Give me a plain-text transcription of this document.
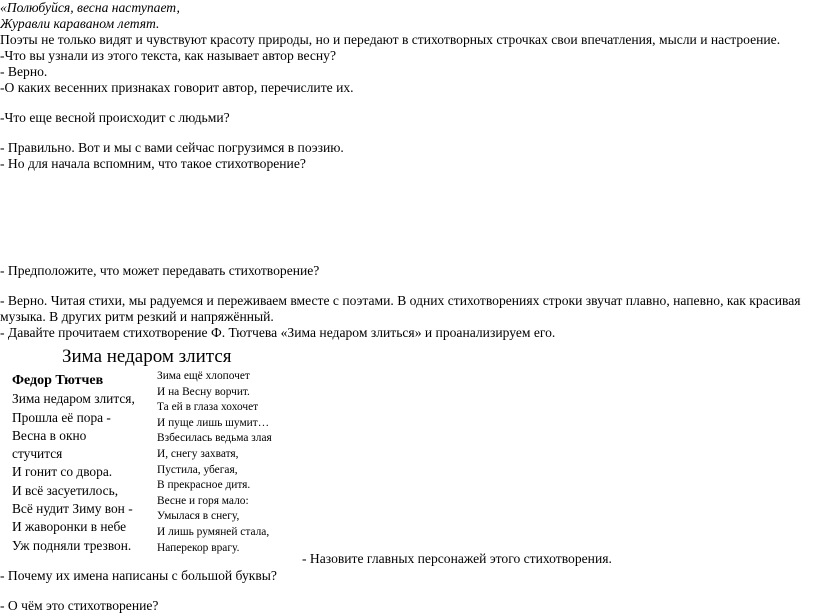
«Полюбуйся, весна наступает,
Журавли караваном летят.
Поэты не только видят и чувствуют красоту природы, но и передают в стихотворных строчках свои впечатления, мысли и настроение.
-Что вы узнали из этого текста, как называет автор весну?
- Верно.
-О каких весенних признаках говорит автор, перечислите их.
-Что еще весной происходит с людьми?
- Правильно. Вот и мы с вами сейчас погрузимся в поэзию.
- Но для начала вспомним, что такое стихотворение?
- Предположите, что может передавать стихотворение?
- Верно. Читая стихи, мы радуемся и переживаем вместе с поэтами. В одних стихотворениях строки звучат плавно, напевно, как красивая музыка. В других ритм резкий и напряжённый.
- Давайте прочитаем стихотворение Ф. Тютчева «Зима недаром злиться» и проанализируем его.
Зима недаром злится
Федор Тютчев
Зима недаром злится,
Прошла её пора -
Весна в окно
стучится
И гонит со двора.
И всё засуетилось,
Всё нудит Зиму вон -
И жаворонки в небе
Уж подняли трезвон.
Зима ещё хлопочет
И на Весну ворчит.
Та ей в глаза хохочет
И пуще лишь шумит…
Взбесилась ведьма злая
И, снегу захватя,
Пустила, убегая,
В прекрасное дитя.
Весне и горя мало:
Умылася в снегу,
И лишь румяней стала,
Наперекор врагу.
- Назовите главных персонажей этого стихотворения.
- Почему их имена написаны с большой буквы?
- О чём это стихотворение?
